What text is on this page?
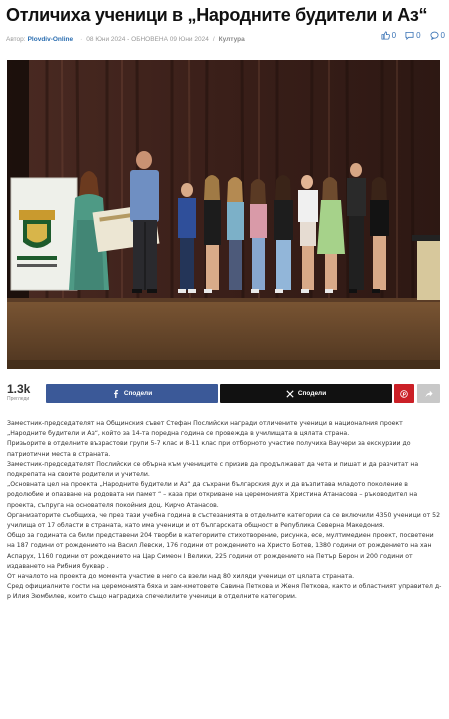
Отличиха ученици в „Народните будители и Аз“
Автор: Plovdiv-Online · 08 Юни 2024 - ОБНОВЕНА 09 Юни 2024 / Култура	0	0	0
1.3k
Прегледи
Сподели	Сподели

Заместник-председателят на Общинския съвет Стефан Послийски награди отличените ученици в националния проект „Народните будители и Аз“, който за 14-та поредна година се провежда в училищата в цялата страна.

Призьорите в отделните възрастови групи 5-7 клас и 8-11 клас при отборното участие получиха Ваучери за екскурзии до патриотични места в страната.

Заместник-председателят Послийски се обърна към учениците с призив да продължават да чета и пишат и да разчитат на подкрепата на своите родители и учители.

„Основната цел на проекта „Народните будители и Аз“ да съхрани българския дух и да възпитава младото поколение в родолюбие и опазване на родовата ни памет “ – каза при откриване на церемонията Христина Атанасова – ръководител на проекта, съпруга на основателя покойния доц. Кирчо Атанасов.

Организаторите съобщиха, че през тази учебна година в състезанията в отделните категории са се включили 4350 ученици от 52 училища от 17 области в страната, като има ученици и от българската общност в Република Северна Македония.

Общо за годината са били представени 204 творби в категориите стихотворение, рисунка, есе, мултимедиен проект, посветени на 187 години от рождението на Васил Левски, 176 години от рождението на Христо Ботев, 1380 години от рождението на хан Аспарух, 1160 години от рождението на Цар Симеон I Велики, 225 години от рождението на Петър Берон и 200 години от издаването на Рибния буквар .

От началото на проекта до момента участие в него са взели над 80 хиляди ученици от цялата страната.

Сред официалните гости на церемонията бяха и зам-кметовете Савина Петкова и Женя Петкова, както и областният управител д-р Илия Зюмбилев, които също наградиха спечелилите ученици в отделните категории.
